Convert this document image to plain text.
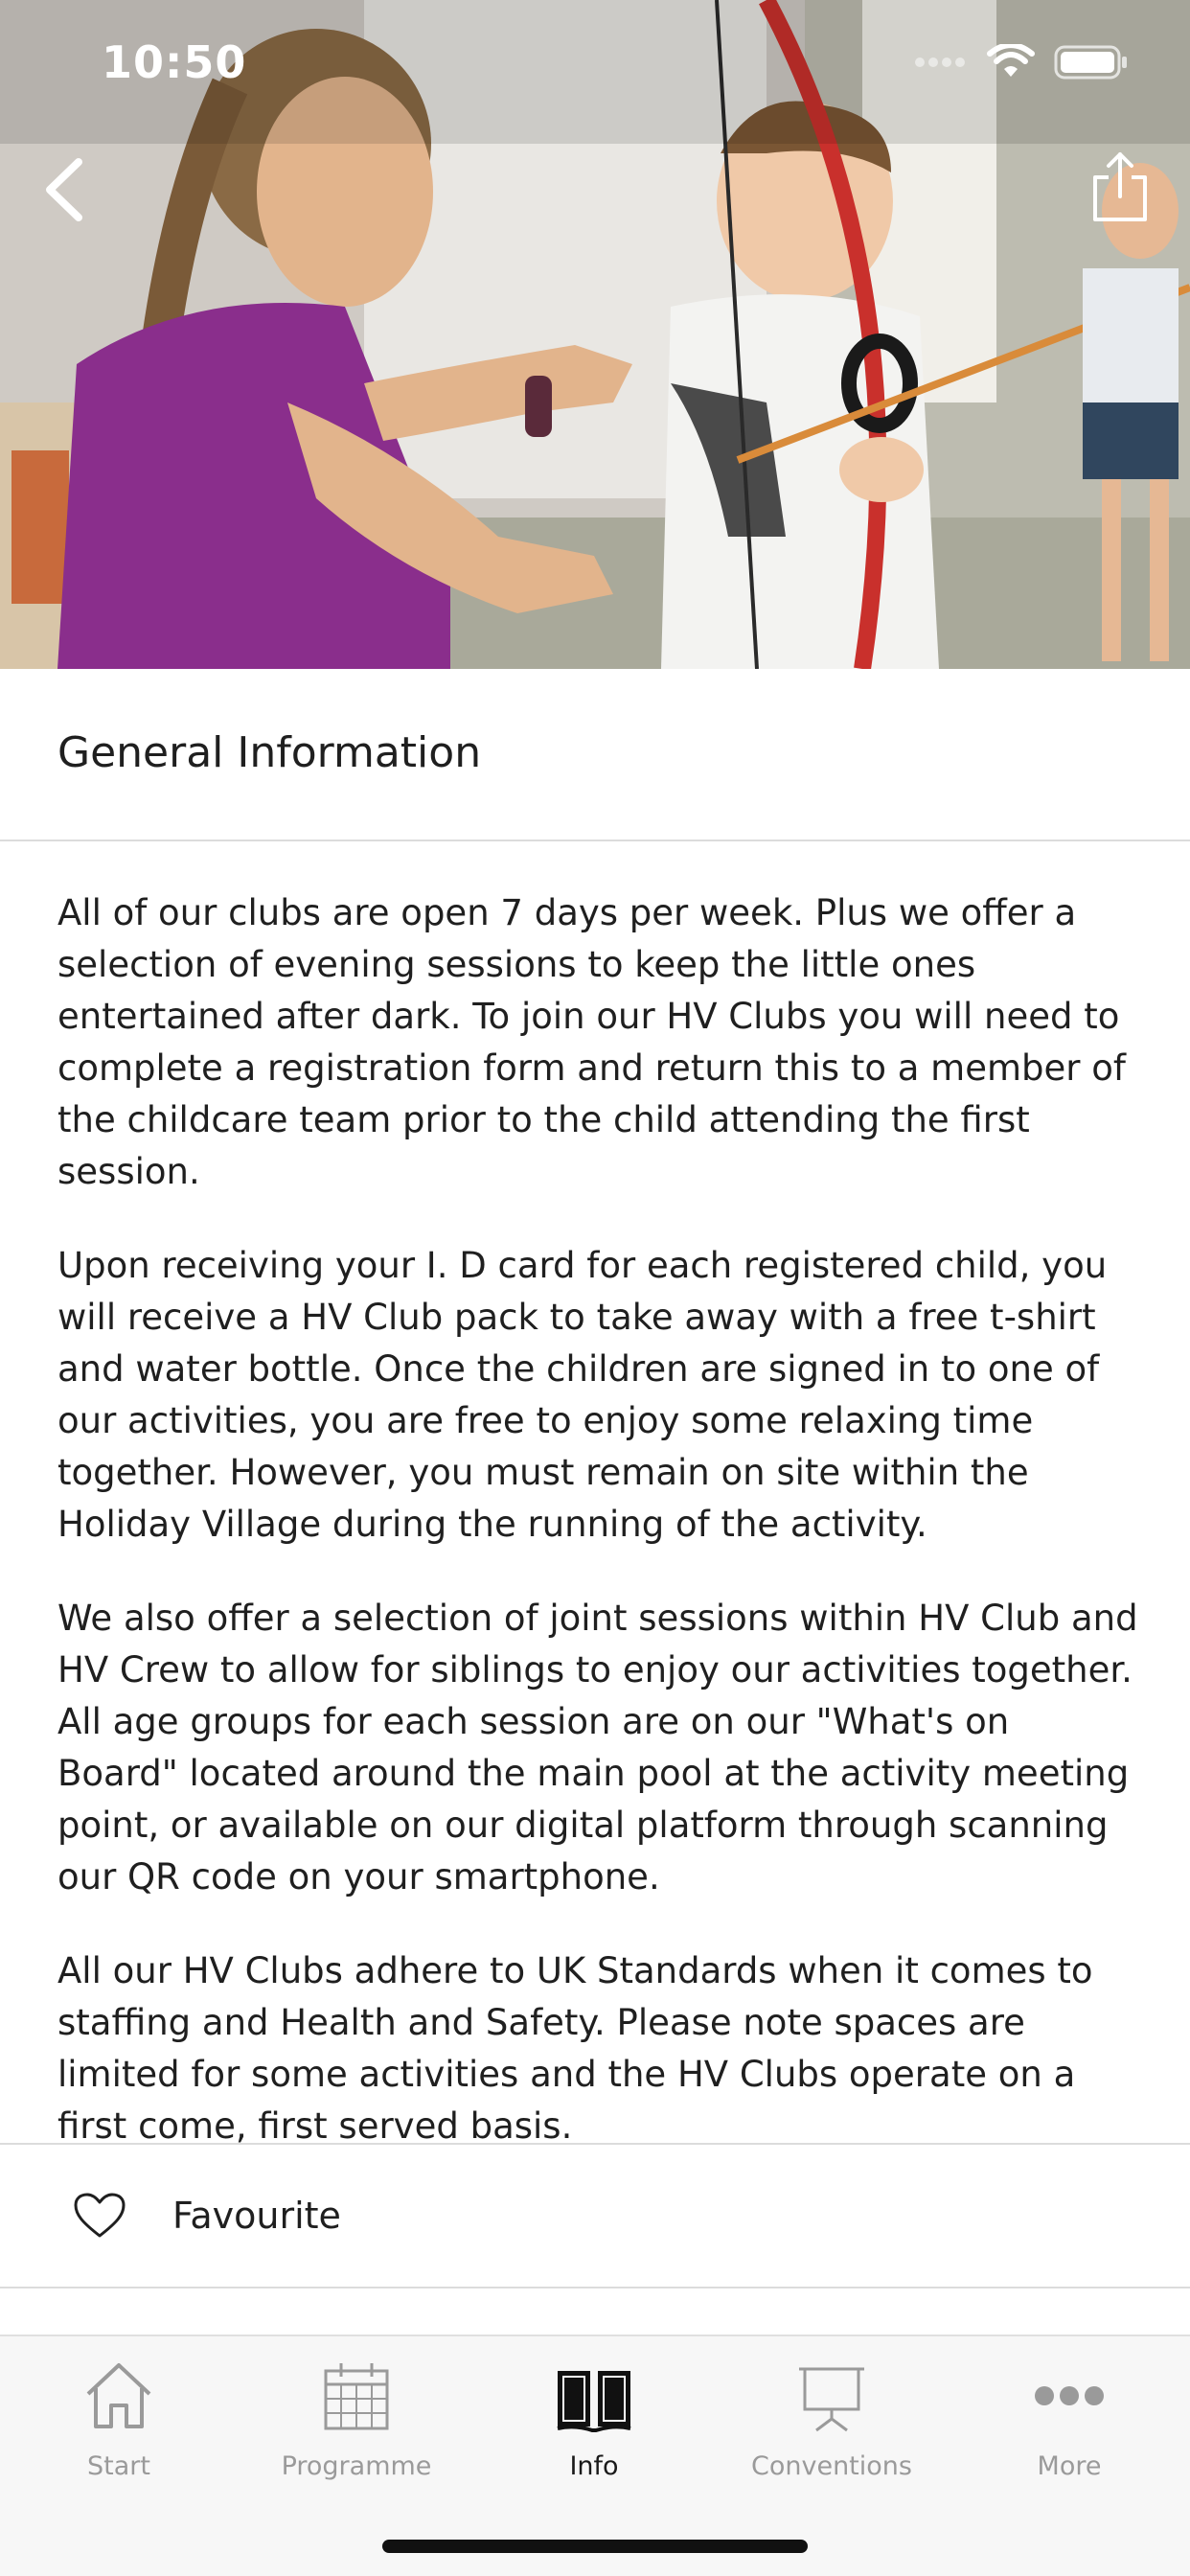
10:50
General Information

All of our clubs are open 7 days per week. Plus we offer a selection of evening sessions to keep the little ones entertained after dark. To join our HV Clubs you will need to complete a registration form and return this to a member of the childcare team prior to the child attending the first session.

Upon receiving your I. D card for each registered child, you will receive a HV Club pack to take away with a free t-shirt and water bottle. Once the children are signed in to one of our activities, you are free to enjoy some relaxing time together. However, you must remain on site within the Holiday Village during the running of the activity.

We also offer a selection of joint sessions within HV Club and HV Crew to allow for siblings to enjoy our activities together. All age groups for each session are on our "What's on Board" located around the main pool at the activity meeting point, or available on our digital platform through scanning our QR code on your smartphone.

All our HV Clubs adhere to UK Standards when it comes to staffing and Health and Safety. Please note spaces are limited for some activities and the HV Clubs operate on a first come, first served basis.

Favourite
Start	Programme	Info	Conventions	More
